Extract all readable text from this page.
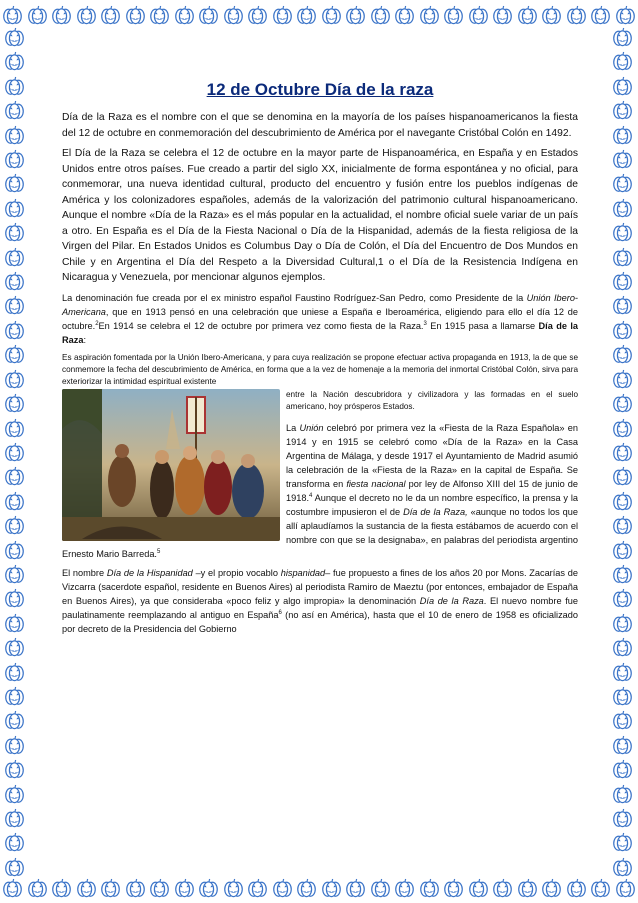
12 de Octubre Día de la raza

Día de la Raza es el nombre con el que se denomina en la mayoría de los países hispanoamericanos la fiesta del 12 de octubre en conmemoración del descubrimiento de América por el navegante Cristóbal Colón en 1492.

El Día de la Raza se celebra el 12 de octubre en la mayor parte de Hispanoamérica, en España y en Estados Unidos entre otros países. Fue creado a partir del siglo XX, inicialmente de forma espontánea y no oficial, para conmemorar, una nueva identidad cultural, producto del encuentro y fusión entre los pueblos indígenas de América y los colonizadores españoles, además de la valorización del patrimonio cultural hispanoamericano. Aunque el nombre «Día de la Raza» es el más popular en la actualidad, el nombre oficial suele variar de un país a otro. En España es el Día de la Fiesta Nacional o Día de la Hispanidad, además de la fiesta religiosa de la Virgen del Pilar. En Estados Unidos es Columbus Day o Día de Colón, el Día del Encuentro de Dos Mundos en Chile y en Argentina el Día del Respeto a la Diversidad Cultural,1 o el Día de la Resistencia Indígena en Nicaragua y Venezuela, por mencionar algunos ejemplos.

La denominación fue creada por el ex ministro español Faustino Rodríguez-San Pedro, como Presidente de la Unión Ibero-Americana, que en 1913 pensó en una celebración que uniese a España e Iberoamérica, eligiendo para ello el día 12 de octubre.$^2$En 1914 se celebra el 12 de octubre por primera vez como fiesta de la Raza.$^3$ En 1915 pasa a llamarse Día de la Raza:

Es aspiración fomentada por la Unión Ibero-Americana, y para cuya realización se propone efectuar activa propaganda en 1913, la de que se conmemore la fecha del descubrimiento de América, en forma que a la vez de homenaje a la memoria del inmortal Cristóbal Colón, sirva para exteriorizar la intimidad espiritual existente

entre la Nación descubridora y civilizadora y las formadas en el suelo americano, hoy prósperos Estados.

La Unión celebró por primera vez la «Fiesta de la Raza Española» en 1914 y en 1915 se celebró como «Día de la Raza» en la Casa Argentina de Málaga, y desde 1917 el Ayuntamiento de Madrid asumió la celebración de la «Fiesta de la Raza» en la capital de España. Se transforma en fiesta nacional por ley de Alfonso XIII del 15 de junio de 1918.$^4$ Aunque el decreto no le da un nombre específico, la prensa y la costumbre impusieron el de Día de la Raza, «aunque no todos los que allí aplaudíamos la sustancia de la fiesta estábamos de acuerdo con el nombre con que se la designaba», en palabras del periodista argentino Ernesto Mario Barreda.$^5$

El nombre Día de la Hispanidad –y el propio vocablo hispanidad– fue propuesto a fines de los años 20 por Mons. Zacarías de Vizcarra (sacerdote español, residente en Buenos Aires) al periodista Ramiro de Maeztu (por entonces, embajador de España en Buenos Aires), ya que consideraba «poco feliz y algo impropia» la denominación Día de la Raza. El nuevo nombre fue paulatinamente reemplazando al antiguo en España$^6$ (no así en América), hasta que el 10 de enero de 1958 es oficializado por decreto de la Presidencia del Gobierno
